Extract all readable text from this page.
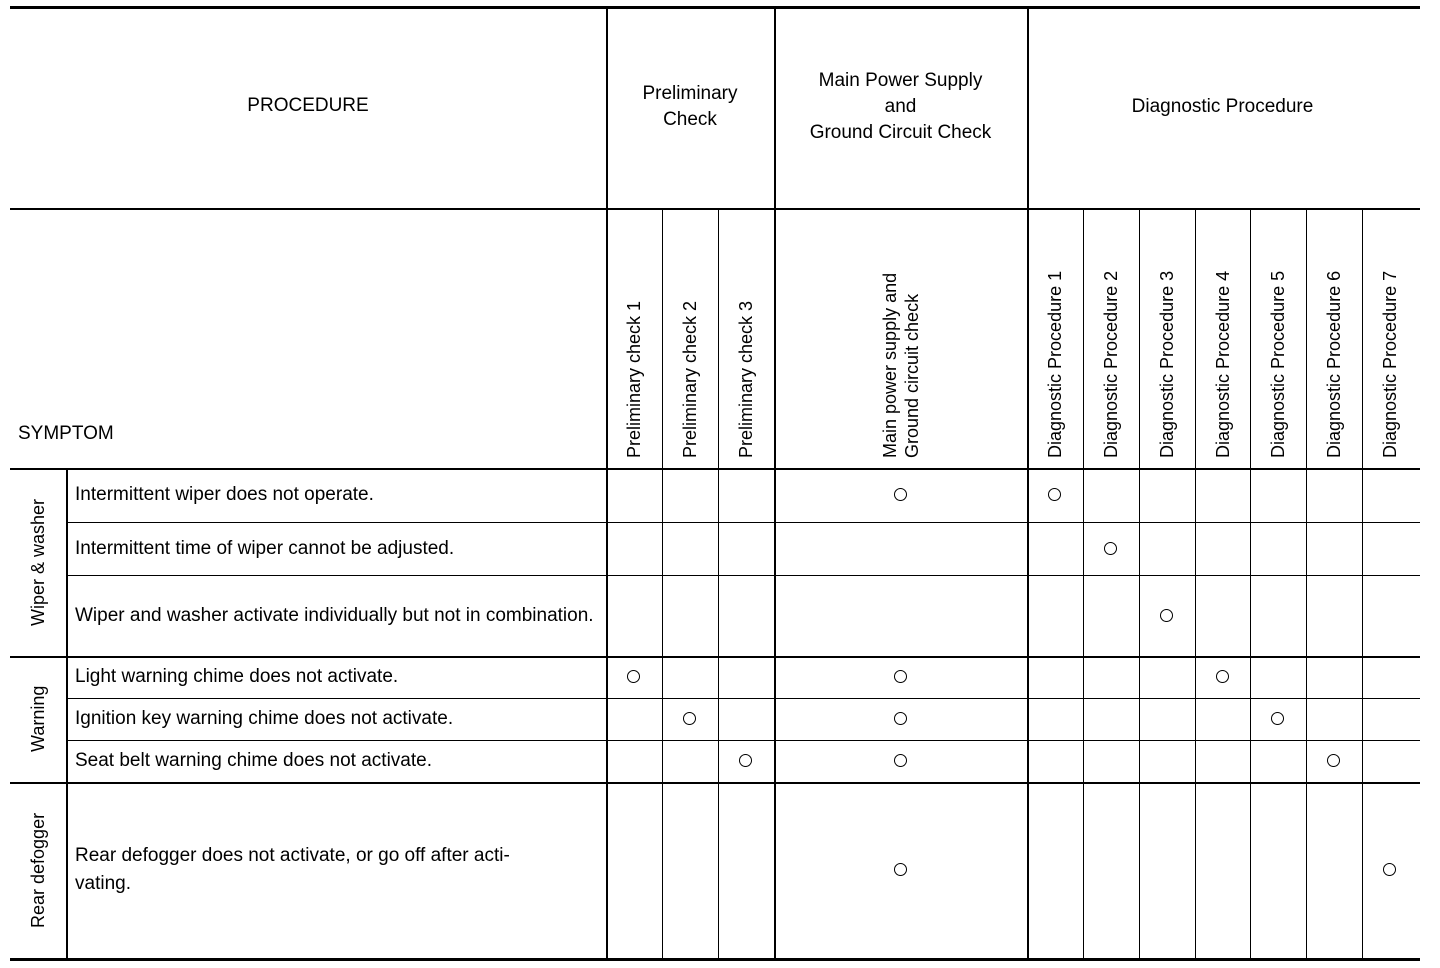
PROCEDURE
SYMPTOM
Preliminary
Check
Main Power Supply
and
Ground Circuit Check
Diagnostic Procedure
Preliminary check 1 Preliminary check 2 Preliminary check 3	Main power supply and Ground circuit check	Diagnostic Procedure 1 Diagnostic Procedure 2 Diagnostic Procedure 3 Diagnostic Procedure 4 Diagnostic Procedure 5 Diagnostic Procedure 6 Diagnostic Procedure 7
Wiper & washer
Warning
Rear defogger
Intermittent wiper does not operate.
Intermittent time of wiper cannot be adjusted.
Wiper and washer activate individually but not in combination.
Light warning chime does not activate.
Ignition key warning chime does not activate.
Seat belt warning chime does not activate.
Rear defogger does not activate, or go off after acti-
vating.
